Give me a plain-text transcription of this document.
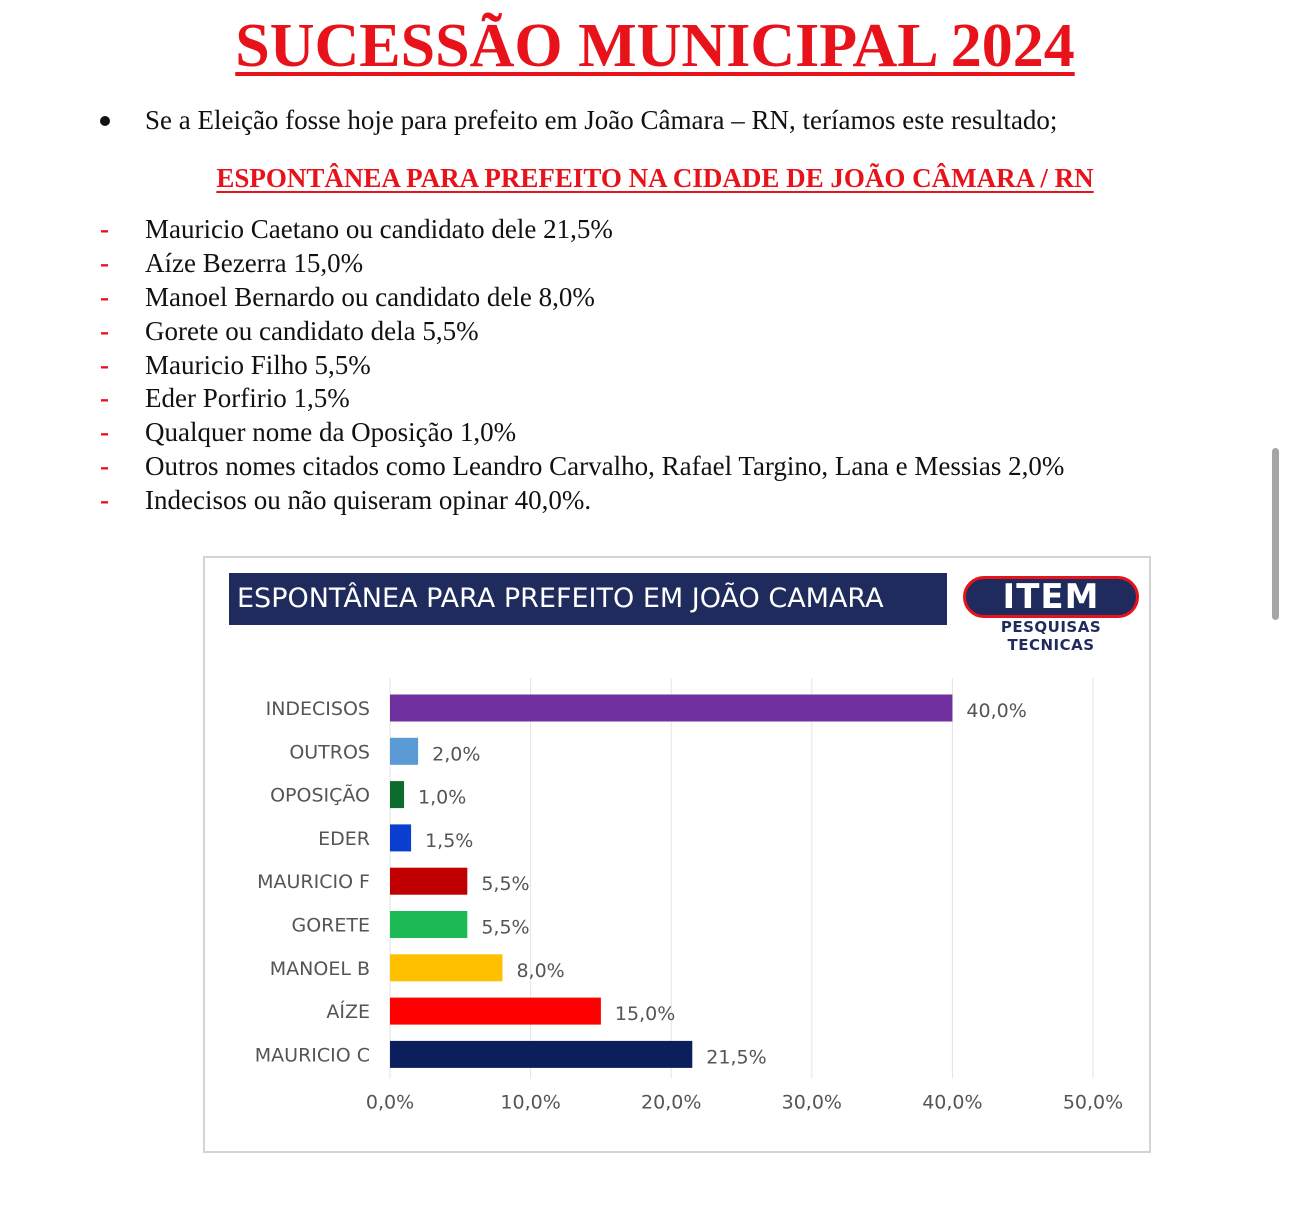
SUCESSÃO MUNICIPAL 2024
Se a Eleição fosse hoje para prefeito em João Câmara – RN, teríamos este resultado;
ESPONTÂNEA PARA PREFEITO NA CIDADE DE JOÃO CÂMARA / RN
- Mauricio Caetano ou candidato dele 21,5%
- Aíze Bezerra 15,0%
- Manoel Bernardo ou candidato dele 8,0%
- Gorete ou candidato dela 5,5%
- Mauricio Filho 5,5%
- Eder Porfirio 1,5%
- Qualquer nome da Oposição 1,0%
- Outros nomes citados como Leandro Carvalho, Rafael Targino, Lana e Messias 2,0%
- Indecisos ou não quiseram opinar 40,0%.
ESPONTÂNEA PARA PREFEITO EM JOÃO CAMARA	ITEM
PESQUISAS TECNICAS
INDECISOS	40,0%
OUTROS	2,0%
OPOSIÇÃO	1,0%
EDER	1,5%
MAURICIO F	5,5%
GORETE	5,5%
MANOEL B	8,0%
AÍZE	15,0%
MAURICIO C	21,5%
0,0%	10,0%	20,0%	30,0%	40,0%	50,0%
